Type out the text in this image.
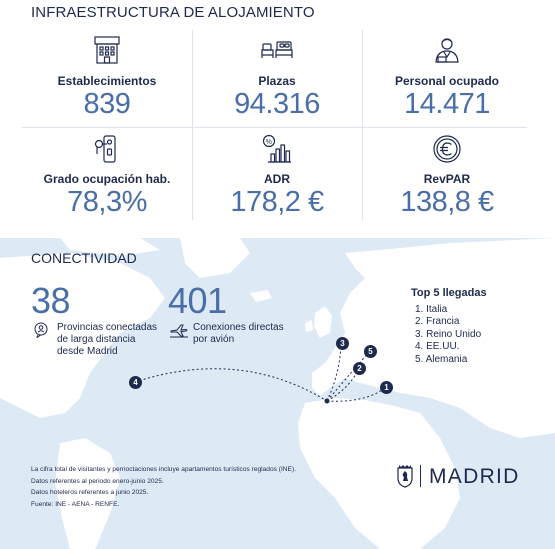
INFRAESTRUCTURA DE ALOJAMIENTO
Establecimientos
839
Plazas
94.316
Personal ocupado
14.471
Grado ocupación hab.
78,3%
%
ADR
178,2 €
RevPAR
138,8 €
CONECTIVIDAD
38
Provincias conectadas
de larga distancia
desde Madrid
401
Conexiones directas
por avión
Top 5 llegadas
1. Italia
2. Francia
3. Reino Unido
4. EE.UU.
5. Alemania
1
2
3
4
5
La cifra total de visitantes y pernoctaciones incluye apartamentos turísticos reglados (INE).
Datos referentes al periodo enero-junio 2025.
Datos hoteleros referentes a junio 2025.
Fuente: INE - AENA - RENFE.
MADRID
